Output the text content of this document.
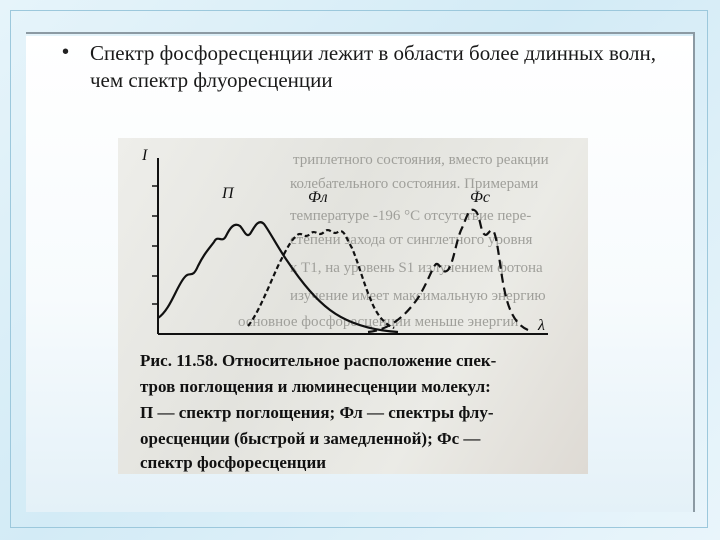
• Спектр фосфоресценции лежит в области более длинных волн, чем спектр флуоресценции
триплетного состояния, вместо реакции
колебательного состояния. Примерами
температуре -196 °C отсутствие пере-
степени захода от синглетного уровня
к T1, на уровень S1 излучением фотона
изучение имеет максимальную энергию
основное фосфоресценции меньше энергии
I
λ
П	Фл	Фс
Рис. 11.58. Относительное расположение спек-
тров поглощения и люминесценции молекул:
П — спектр поглощения; Фл — спектры флу-
оресценции (быстрой и замедленной); Фс —
спектр фосфоресценции
